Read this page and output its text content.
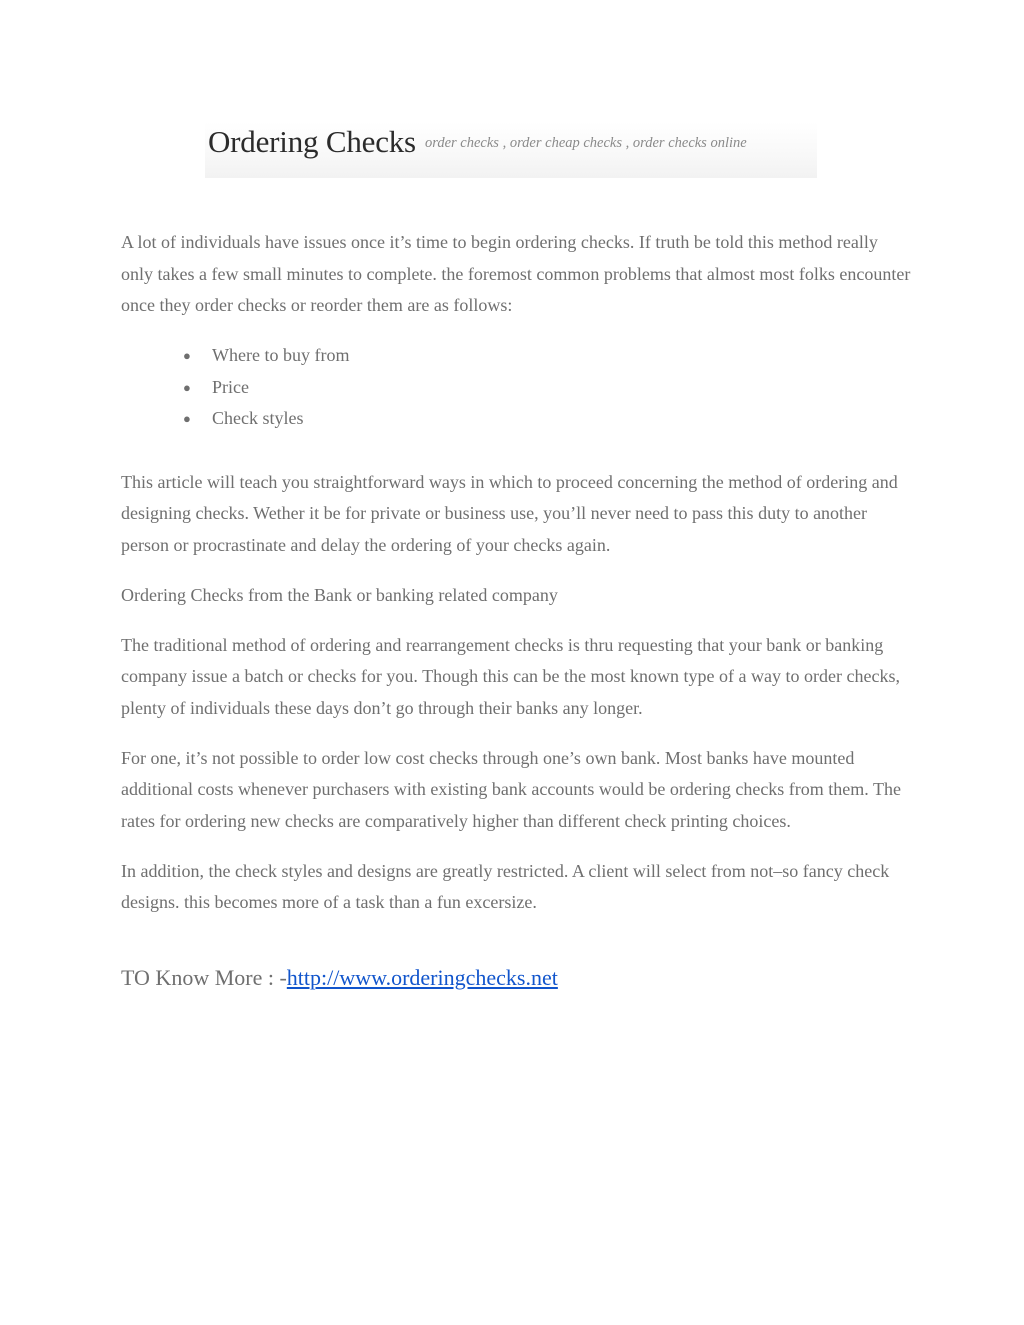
Ordering Checks order checks , order cheap checks , order checks online

A lot of individuals have issues once it’s time to begin ordering checks. If truth be told this method really only takes a few small minutes to complete. the foremost common problems that almost most folks encounter once they order checks or reorder them are as follows:

● Where to buy from
● Price
● Check styles

This article will teach you straightforward ways in which to proceed concerning the method of ordering and designing checks. Wether it be for private or business use, you’ll never need to pass this duty to another person or procrastinate and delay the ordering of your checks again.

Ordering Checks from the Bank or banking related company

The traditional method of ordering and rearrangement checks is thru requesting that your bank or banking company issue a batch or checks for you. Though this can be the most known type of a way to order checks, plenty of individuals these days don’t go through their banks any longer.

For one, it’s not possible to order low cost checks through one’s own bank. Most banks have mounted additional costs whenever purchasers with existing bank accounts would be ordering checks from them. The rates for ordering new checks are comparatively higher than different check printing choices.

In addition, the check styles and designs are greatly restricted. A client will select from not–so fancy check designs. this becomes more of a task than a fun excersize.

TO Know More : -http://www.orderingchecks.net
